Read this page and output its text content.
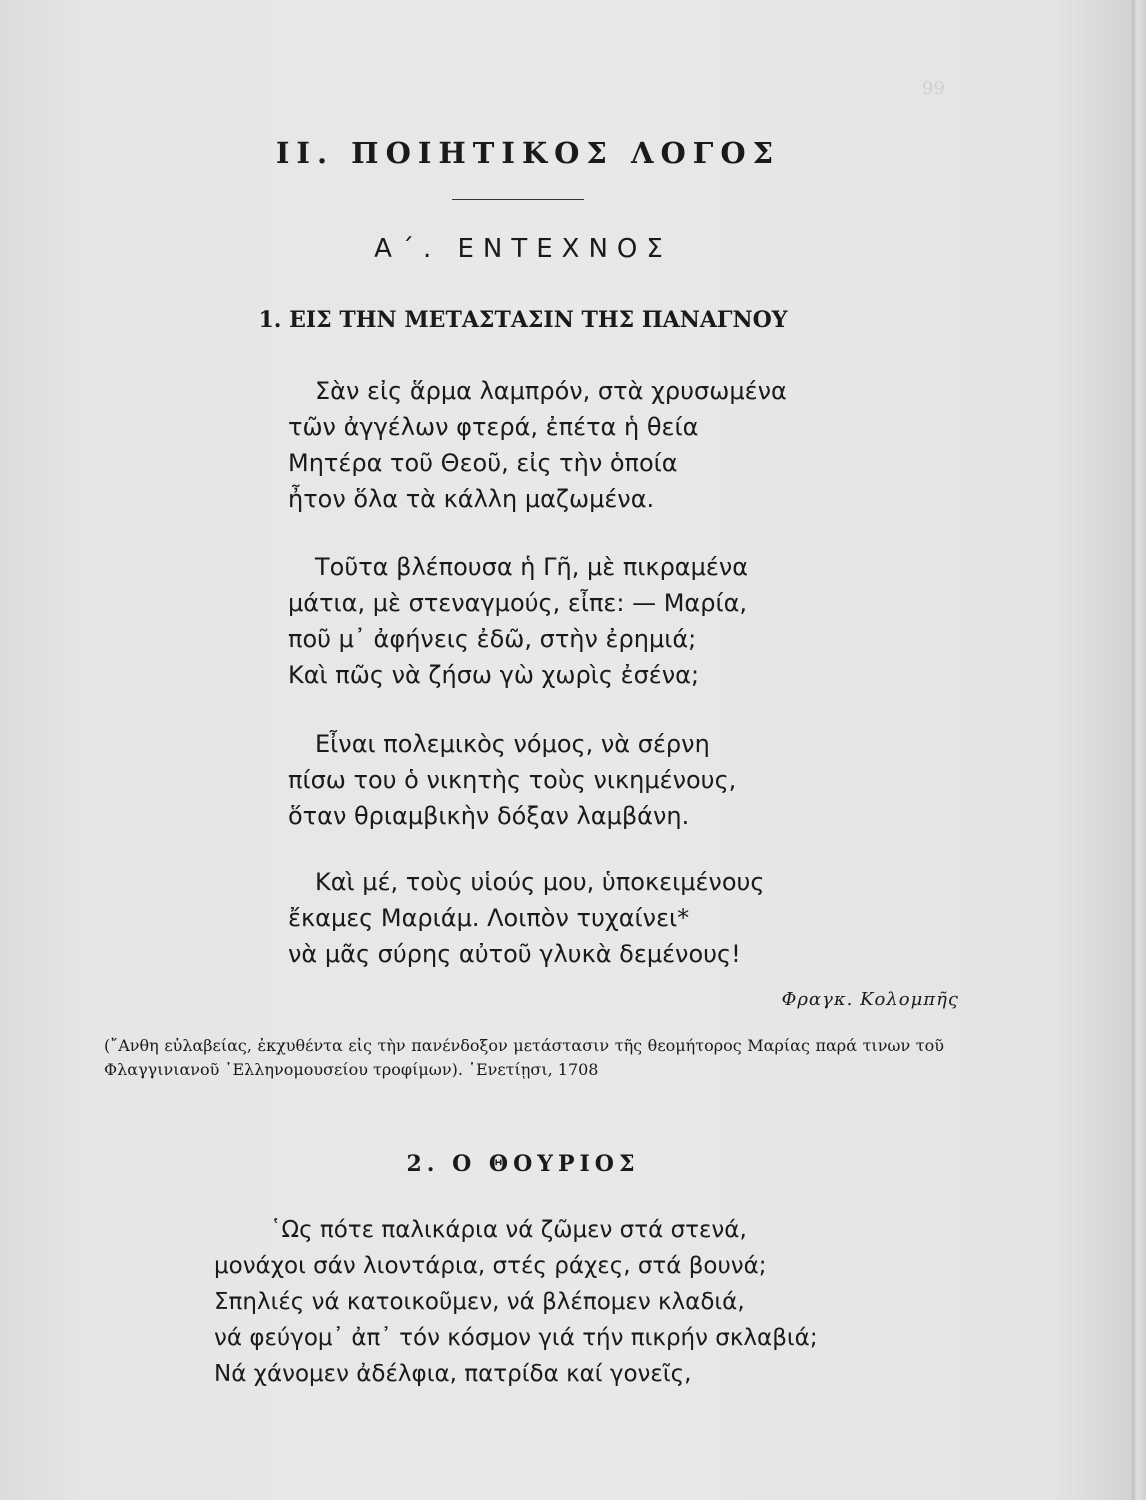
99
II. ΠΟΙΗΤΙΚΟΣ ΛΟΓΟΣ
Α΄. ΕΝΤΕΧΝΟΣ
1. ΕΙΣ ΤΗΝ ΜΕΤΑΣΤΑΣΙΝ ΤΗΣ ΠΑΝΑΓΝΟΥ
Σὰν εἰς ἅρμα λαμπρόν, στὰ χρυσωμένα
τῶν ἀγγέλων φτερά, ἐπέτα ἡ θεία
Μητέρα τοῦ Θεοῦ, εἰς τὴν ὁποία
ἦτον ὅλα τὰ κάλλη μαζωμένα.
Τοῦτα βλέπουσα ἡ Γῆ, μὲ πικραμένα
μάτια, μὲ στεναγμούς, εἶπε: — Μαρία,
ποῦ μ᾿ ἀφήνεις ἐδῶ, στὴν ἐρημιά;
Καὶ πῶς νὰ ζήσω γὼ χωρὶς ἐσένα;
Εἶναι πολεμικὸς νόμος, νὰ σέρνη
πίσω του ὁ νικητὴς τοὺς νικημένους,
ὅταν θριαμβικὴν δόξαν λαμβάνη.
Καὶ μέ, τοὺς υἱούς μου, ὑποκειμένους
ἔκαμες Μαριάμ. Λοιπὸν τυχαίνει*
νὰ μᾶς σύρης αὐτοῦ γλυκὰ δεμένους!
Φραγκ. Κολομπῆς
(῎Ανθη εὐλαβείας, ἐκχυθέντα εἰς τὴν πανένδοξον μετάστασιν τῆς θεομήτορος Μαρίας παρά τινων τοῦ Φλαγγινιανοῦ ῾Ελληνομουσείου τροφίμων). ῾Ενετίῃσι, 1708
2. Ο ΘΟΥΡΙΟΣ
῾Ως πότε παλικάρια νά ζῶμεν στά στενά,
μονάχοι σάν λιοντάρια, στές ράχες, στά βουνά;
Σπηλιές νά κατοικοῦμεν, νά βλέπομεν κλαδιά,
νά φεύγομ᾿ ἀπ᾿ τόν κόσμον γιά τήν πικρήν σκλαβιά;
Νά χάνομεν ἀδέλφια, πατρίδα καί γονεῖς,
